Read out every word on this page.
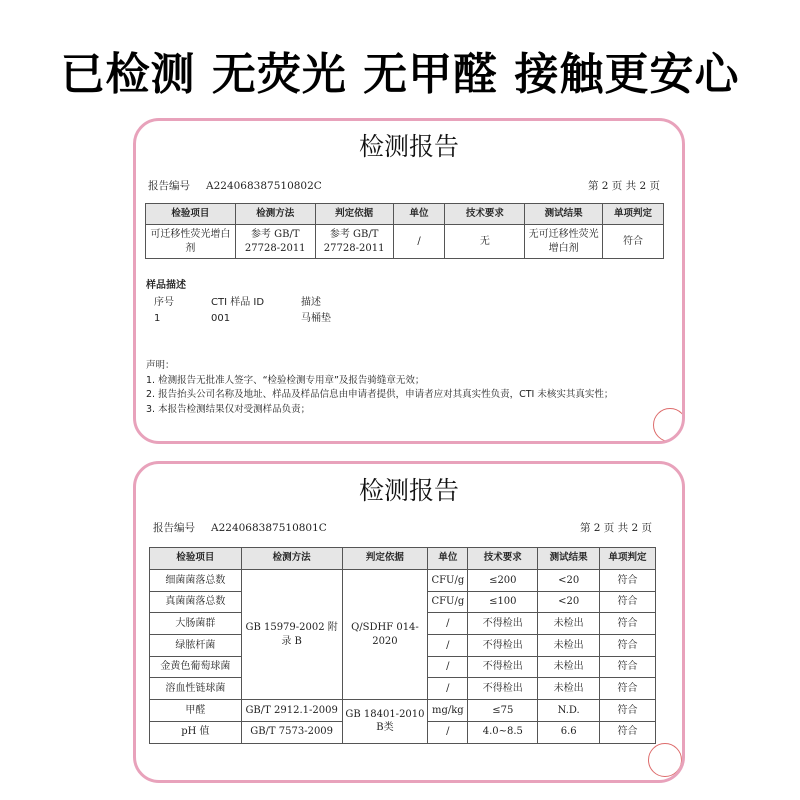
已检测 无荧光 无甲醛 接触更安心
检测报告
报告编号 A224068387510802C	第 2 页 共 2 页
检验项目	检测方法	判定依据	单位	技术要求	测试结果	单项判定
可迁移性荧光增白剂	参考 GB/T 27728-2011	参考 GB/T 27728-2011	/	无	无可迁移性荧光增白剂	符合
样品描述
序号	CTI 样品 ID	描述
1	001	马桶垫
声明：
1. 检测报告无批准人签字、“检验检测专用章”及报告骑缝章无效；
2. 报告抬头公司名称及地址、样品及样品信息由申请者提供，申请者应对其真实性负责，CTI 未核实其真实性；
3. 本报告检测结果仅对受测样品负责；
检测报告
报告编号 A224068387510801C	第 2 页 共 2 页
检验项目	检测方法	判定依据	单位	技术要求	测试结果	单项判定
细菌菌落总数	GB 15979-2002 附录 B	Q/SDHF 014-2020	CFU/g	≤200	<20	符合
真菌菌落总数			CFU/g	≤100	<20	符合
大肠菌群			/	不得检出	未检出	符合
绿脓杆菌			/	不得检出	未检出	符合
金黄色葡萄球菌			/	不得检出	未检出	符合
溶血性链球菌			/	不得检出	未检出	符合
甲醛	GB/T 2912.1-2009	GB 18401-2010 B类	mg/kg	≤75	N.D.	符合
pH 值	GB/T 7573-2009		/	4.0~8.5	6.6	符合
